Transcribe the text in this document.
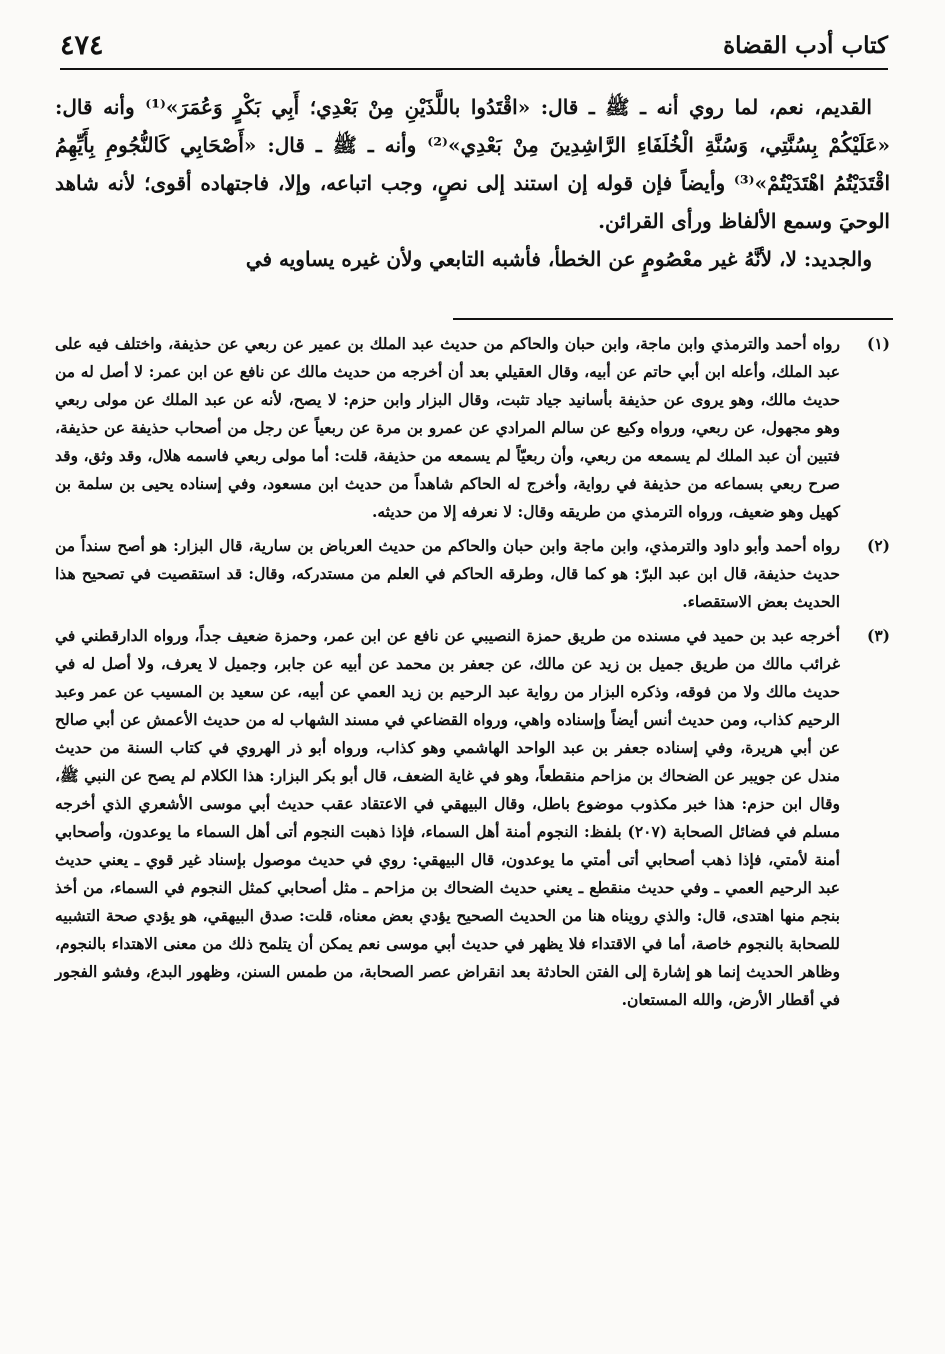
٤٧٤	كتاب أدب القضاة

القديم، نعم، لما روي أنه ـ ﷺ ـ قال: «اقْتَدُوا باللَّذَيْنِ مِنْ بَعْدِي؛ أَبِي بَكْرٍ وَعُمَرَ»⁽¹⁾ وأنه قال: «عَلَيْكُمْ بِسُنَّتِي، وَسُنَّةِ الْخُلَفَاءِ الرَّاشِدِينَ مِنْ بَعْدِي»⁽²⁾ وأنه ـ ﷺ ـ قال: «أَصْحَابِي كَالنُّجُومِ بِأَيِّهِمُ اقْتَدَيْتُمُ اهْتَدَيْتُمْ»⁽³⁾ وأيضاً فإن قوله إن استند إلى نصٍ، وجب اتباعه، وإلا، فاجتهاده أقوى؛ لأنه شاهد الوحيَ وسمع الألفاظ ورأى القرائن.

والجديد: لا، لأنَّهُ غير معْصُومٍ عن الخطأ، فأشبه التابعي ولأن غيره يساويه في

(١)
رواه أحمد والترمذي وابن ماجة، وابن حبان والحاكم من حديث عبد الملك بن عمير عن ربعي عن حذيفة، واختلف فيه على عبد الملك، وأعله ابن أبي حاتم عن أبيه، وقال العقيلي بعد أن أخرجه من حديث مالك عن نافع عن ابن عمر: لا أصل له من حديث مالك، وهو يروى عن حذيفة بأسانيد جياد تثبت، وقال البزار وابن حزم: لا يصح، لأنه عن عبد الملك عن مولى ربعي وهو مجهول، عن ربعي، ورواه وكيع عن سالم المرادي عن عمرو بن مرة عن ربعياً عن رجل من أصحاب حذيفة عن حذيفة، فتبين أن عبد الملك لم يسمعه من ربعي، وأن ربعيّاً لم يسمعه من حذيفة، قلت: أما مولى ربعي فاسمه هلال، وقد وثق، وقد صرح ربعي بسماعه من حذيفة في رواية، وأخرج له الحاكم شاهداً من حديث ابن مسعود، وفي إسناده يحيى بن سلمة بن كهيل وهو ضعيف، ورواه الترمذي من طريقه وقال: لا نعرفه إلا من حديثه.
(٢)
رواه أحمد وأبو داود والترمذي، وابن ماجة وابن حبان والحاكم من حديث العرباض بن سارية، قال البزار: هو أصح سنداً من حديث حذيفة، قال ابن عبد البرّ: هو كما قال، وطرقه الحاكم في العلم من مستدركه، وقال: قد استقصيت في تصحيح هذا الحديث بعض الاستقصاء.
(٣)
أخرجه عبد بن حميد في مسنده من طريق حمزة النصيبي عن نافع عن ابن عمر، وحمزة ضعيف جداً، ورواه الدارقطني في غرائب مالك من طريق جميل بن زيد عن مالك، عن جعفر بن محمد عن أبيه عن جابر، وجميل لا يعرف، ولا أصل له في حديث مالك ولا من فوقه، وذكره البزار من رواية عبد الرحيم بن زيد العمي عن أبيه، عن سعيد بن المسيب عن عمر وعبد الرحيم كذاب، ومن حديث أنس أيضاً وإسناده واهي، ورواه القضاعي في مسند الشهاب له من حديث الأعمش عن أبي صالح عن أبي هريرة، وفي إسناده جعفر بن عبد الواحد الهاشمي وهو كذاب، ورواه أبو ذر الهروي في كتاب السنة من حديث مندل عن جويبر عن الضحاك بن مزاحم منقطعاً، وهو في غاية الضعف، قال أبو بكر البزار: هذا الكلام لم يصح عن النبي ﷺ، وقال ابن حزم: هذا خبر مكذوب موضوع باطل، وقال البيهقي في الاعتقاد عقب حديث أبي موسى الأشعري الذي أخرجه مسلم في فضائل الصحابة (٢٠٧) بلفظ: النجوم أمنة أهل السماء، فإذا ذهبت النجوم أتى أهل السماء ما يوعدون، وأصحابي أمنة لأمتي، فإذا ذهب أصحابي أتى أمتي ما يوعدون، قال البيهقي: روي في حديث موصول بإسناد غير قوي ـ يعني حديث عبد الرحيم العمي ـ وفي حديث منقطع ـ يعني حديث الضحاك بن مزاحم ـ مثل أصحابي كمثل النجوم في السماء، من أخذ بنجم منها اهتدى، قال: والذي رويناه هنا من الحديث الصحيح يؤدي بعض معناه، قلت: صدق البيهقي، هو يؤدي صحة التشبيه للصحابة بالنجوم خاصة، أما في الاقتداء فلا يظهر في حديث أبي موسى نعم يمكن أن يتلمح ذلك من معنى الاهتداء بالنجوم، وظاهر الحديث إنما هو إشارة إلى الفتن الحادثة بعد انقراض عصر الصحابة، من طمس السنن، وظهور البدع، وفشو الفجور في أقطار الأرض، والله المستعان.
